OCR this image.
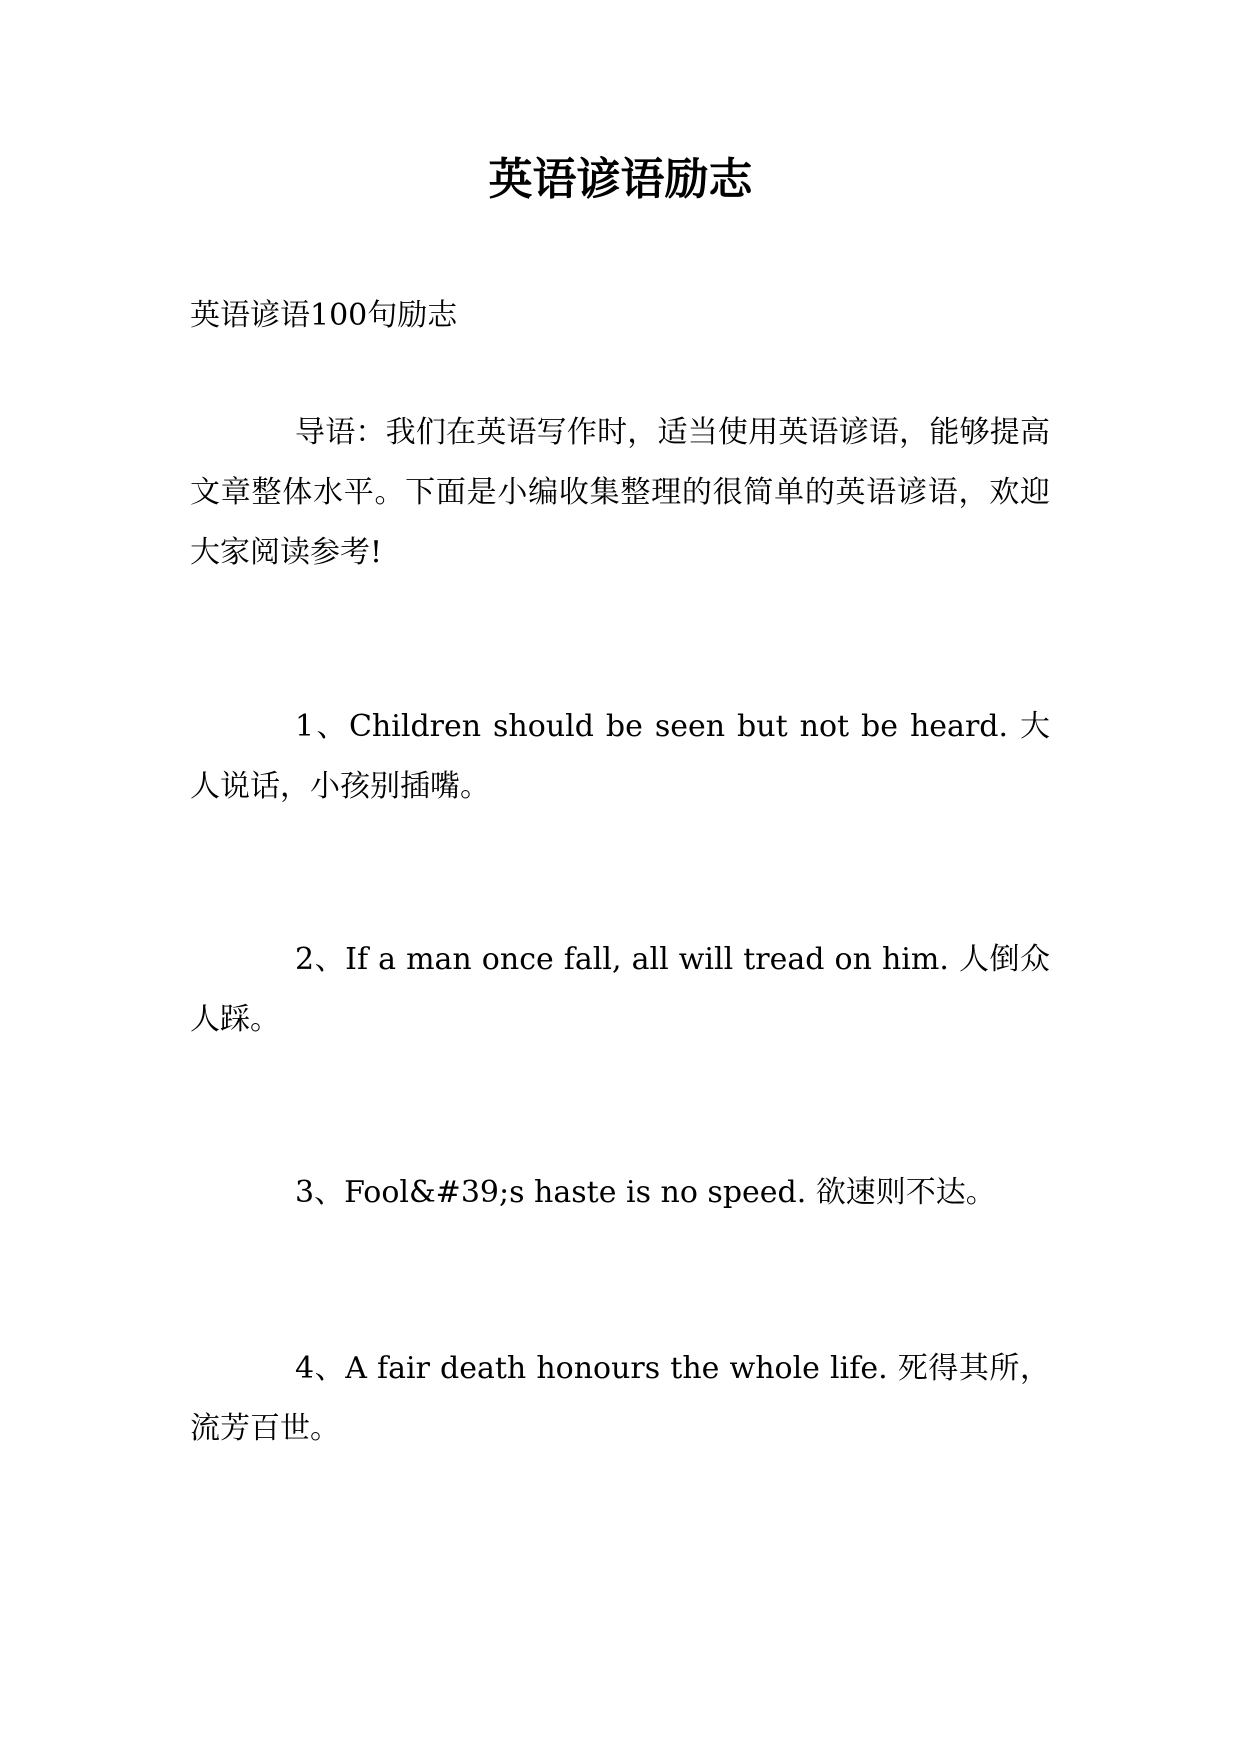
英语谚语励志

英语谚语100句励志

导语：我们在英语写作时，适当使用英语谚语，能够提高文章整体水平。下面是小编收集整理的很简单的英语谚语，欢迎大家阅读参考!

1、Children should be seen but not be heard. 大人说话，小孩别插嘴。

2、If a man once fall, all will tread on him. 人倒众人踩。

3、Fool&#39;s haste is no speed. 欲速则不达。

4、A fair death honours the whole life. 死得其所，流芳百世。
